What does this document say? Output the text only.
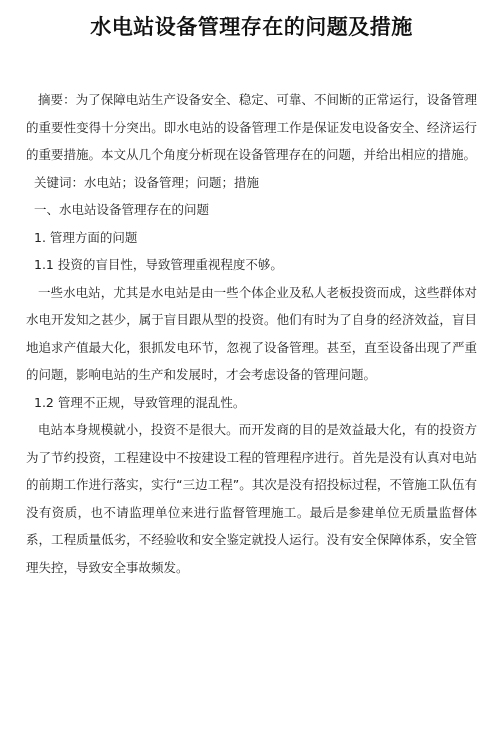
水电站设备管理存在的问题及措施

摘要：为了保障电站生产设备安全、稳定、可靠、不间断的正常运行，设备管理的重要性变得十分突出。即水电站的设备管理工作是保证发电设备安全、经济运行的重要措施。本文从几个角度分析现在设备管理存在的问题，并给出相应的措施。

关键词：水电站；设备管理；问题；措施

一、水电站设备管理存在的问题

1. 管理方面的问题

1.1 投资的盲目性，导致管理重视程度不够。

一些水电站，尤其是水电站是由一些个体企业及私人老板投资而成，这些群体对水电开发知之甚少，属于盲目跟从型的投资。他们有时为了自身的经济效益，盲目地追求产值最大化，狠抓发电环节，忽视了设备管理。甚至，直至设备出现了严重的问题，影响电站的生产和发展时，才会考虑设备的管理问题。

1.2 管理不正规，导致管理的混乱性。

电站本身规模就小，投资不是很大。而开发商的目的是效益最大化，有的投资方为了节约投资，工程建设中不按建设工程的管理程序进行。首先是没有认真对电站的前期工作进行落实，实行“三边工程”。其次是没有招投标过程，不管施工队伍有没有资质，也不请监理单位来进行监督管理施工。最后是参建单位无质量监督体系，工程质量低劣，不经验收和安全鉴定就投人运行。没有安全保障体系，安全管理失控，导致安全事故频发。
